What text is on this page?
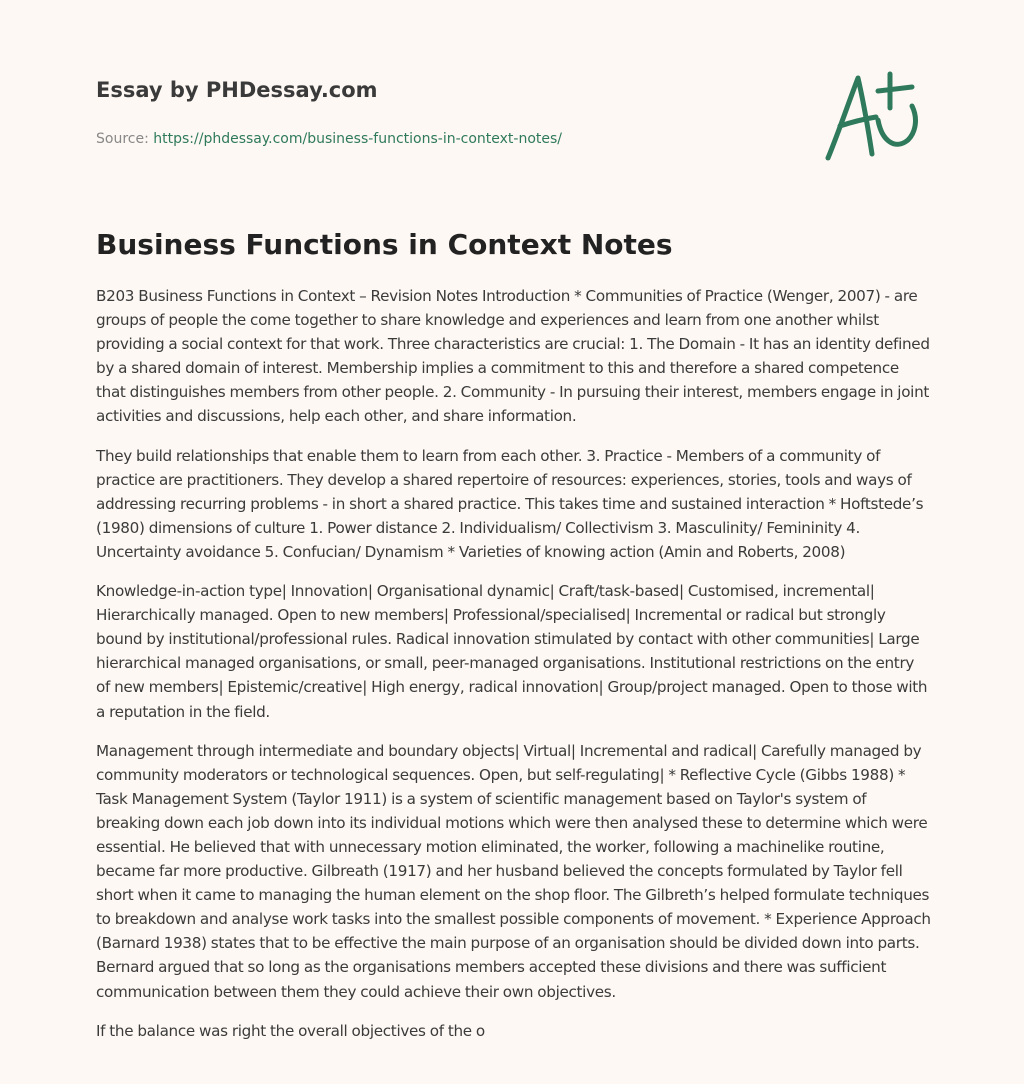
Essay by PHDessay.com
Source: https://phdessay.com/business-functions-in-context-notes/
Business Functions in Context Notes

B203 Business Functions in Context – Revision Notes Introduction * Communities of Practice (Wenger, 2007) - are groups of people the come together to share knowledge and experiences and learn from one another whilst providing a social context for that work. Three characteristics are crucial: 1. The Domain - It has an identity defined by a shared domain of interest. Membership implies a commitment to this and therefore a shared competence that distinguishes members from other people. 2. Community - In pursuing their interest, members engage in joint activities and discussions, help each other, and share information.

They build relationships that enable them to learn from each other. 3. Practice - Members of a community of practice are practitioners. They develop a shared repertoire of resources: experiences, stories, tools and ways of addressing recurring problems - in short a shared practice. This takes time and sustained interaction * Hoftstede’s (1980) dimensions of culture 1. Power distance 2. Individualism/ Collectivism 3. Masculinity/ Femininity 4. Uncertainty avoidance 5. Confucian/ Dynamism * Varieties of knowing action (Amin and Roberts, 2008)

Knowledge-in-action type| Innovation| Organisational dynamic| Craft/task-based| Customised, incremental| Hierarchically managed. Open to new members| Professional/specialised| Incremental or radical but strongly bound by institutional/professional rules. Radical innovation stimulated by contact with other communities| Large hierarchical managed organisations, or small, peer-managed organisations. Institutional restrictions on the entry of new members| Epistemic/creative| High energy, radical innovation| Group/project managed. Open to those with a reputation in the field.

Management through intermediate and boundary objects| Virtual| Incremental and radical| Carefully managed by community moderators or technological sequences. Open, but self-regulating| * Reflective Cycle (Gibbs 1988) * Task Management System (Taylor 1911) is a system of scientific management based on Taylor's system of breaking down each job down into its individual motions which were then analysed these to determine which were essential. He believed that with unnecessary motion eliminated, the worker, following a machinelike routine, became far more productive. Gilbreath (1917) and her husband believed the concepts formulated by Taylor fell short when it came to managing the human element on the shop floor. The Gilbreth’s helped formulate techniques to breakdown and analyse work tasks into the smallest possible components of movement. * Experience Approach (Barnard 1938) states that to be effective the main purpose of an organisation should be divided down into parts. Bernard argued that so long as the organisations members accepted these divisions and there was sufficient communication between them they could achieve their own objectives.

If the balance was right the overall objectives of the o
